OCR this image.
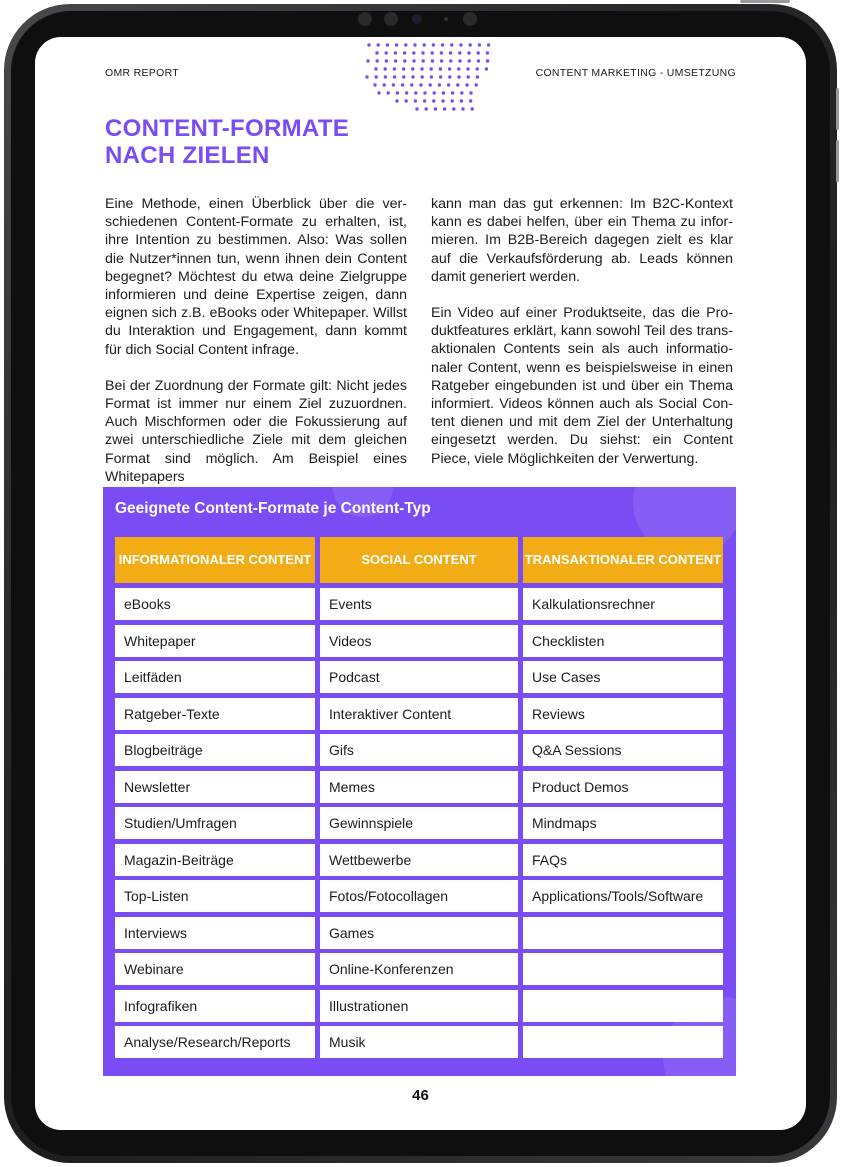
OMR REPORT	CONTENT MARKETING - UMSETZUNG
CONTENT-FORMATE
NACH ZIELEN

Eine Methode, einen Überblick über die verschiedenen Content-Formate zu erhalten, ist, ihre Intention zu bestimmen. Also: Was sollen die Nutzer*innen tun, wenn ihnen dein Content begegnet? Möchtest du etwa deine Zielgruppe informieren und deine Expertise zeigen, dann eignen sich z.B. eBooks oder Whitepaper. Willst du Interaktion und Engagement, dann kommt für dich Social Content infrage.

Bei der Zuordnung der Formate gilt: Nicht jedes Format ist immer nur einem Ziel zuzuordnen. Auch Mischformen oder die Fokussierung auf zwei unterschiedliche Ziele mit dem gleichen Format sind möglich. Am Beispiel eines Whitepapers

kann man das gut erkennen: Im B2C-Kontext kann es dabei helfen, über ein Thema zu informieren. Im B2B-Bereich dagegen zielt es klar auf die Verkaufsförderung ab. Leads können damit generiert werden.

Ein Video auf einer Produktseite, das die Produktfeatures erklärt, kann sowohl Teil des transaktionalen Contents sein als auch informationaler Content, wenn es beispielsweise in einen Ratgeber eingebunden ist und über ein Thema informiert. Videos können auch als Social Content dienen und mit dem Ziel der Unterhaltung eingesetzt werden. Du siehst: ein Content Piece, viele Möglichkeiten der Verwertung.

Geeignete Content-Formate je Content-Typ
INFORMATIONALER CONTENT	SOCIAL CONTENT	TRANSAKTIONALER CONTENT
eBooks	Events	Kalkulationsrechner
Whitepaper	Videos	Checklisten
Leitfäden	Podcast	Use Cases
Ratgeber-Texte	Interaktiver Content	Reviews
Blogbeiträge	Gifs	Q&A Sessions
Newsletter	Memes	Product Demos
Studien/Umfragen	Gewinnspiele	Mindmaps
Magazin-Beiträge	Wettbewerbe	FAQs
Top-Listen	Fotos/Fotocollagen	Applications/Tools/Software
Interviews	Games
Webinare	Online-Konferenzen
Infografiken	Illustrationen
Analyse/Research/Reports	Musik
46
